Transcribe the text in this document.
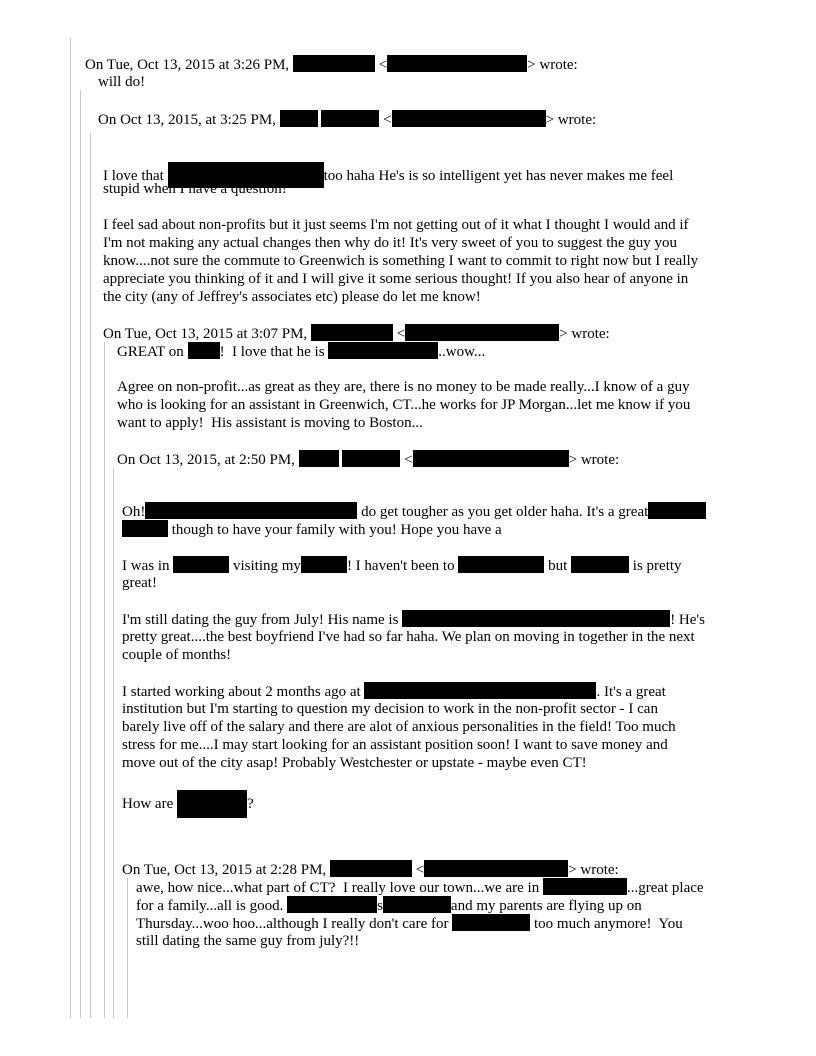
On Tue, Oct 13, 2015 at 3:26 PM,	<	> wrote:
will do!
On Oct 13, 2015, at 3:25 PM,	<	> wrote:
I love that	too haha He's is so intelligent yet has never makes me feel
stupid when I have a question!

I feel sad about non-profits but it just seems I'm not getting out of it what I thought I would and if

I'm not making any actual changes then why do it! It's very sweet of you to suggest the guy you

know....not sure the commute to Greenwich is something I want to commit to right now but I really

appreciate you thinking of it and I will give it some serious thought! If you also hear of anyone in

the city (any of Jeffrey's associates etc) please do let me know!

On Tue, Oct 13, 2015 at 3:07 PM,	<	> wrote:
GREAT on !  I love that he is	..wow...

Agree on non-profit...as great as they are, there is no money to be made really...I know of a guy

who is looking for an assistant in Greenwich, CT...he works for JP Morgan...let me know if you

want to apply!  His assistant is moving to Boston...

On Oct 13, 2015, at 2:50 PM,	<	> wrote:
Oh!	do get tougher as you get older haha. It's a great
though to have your family with you! Hope you have a
I was in	visiting my	! I haven't been to	but	is pretty
great!
I'm still dating the guy from July! His name is	! He's
pretty great....the best boyfriend I've had so far haha. We plan on moving in together in the next
couple of months!
I started working about 2 months ago at	. It's a great

institution but I'm starting to question my decision to work in the non-profit sector - I can

barely live off of the salary and there are alot of anxious personalities in the field! Too much

stress for me....I may start looking for an assistant position soon! I want to save money and

move out of the city asap! Probably Westchester or upstate - maybe even CT!

How are	?
On Tue, Oct 13, 2015 at 2:28 PM,	<	> wrote:
awe, how nice...what part of CT?  I really love our town...we are in	...great place
for a family...all is good.	s	and my parents are flying up on
Thursday...woo hoo...although I really don't care for	too much anymore!  You
still dating the same guy from july?!!
